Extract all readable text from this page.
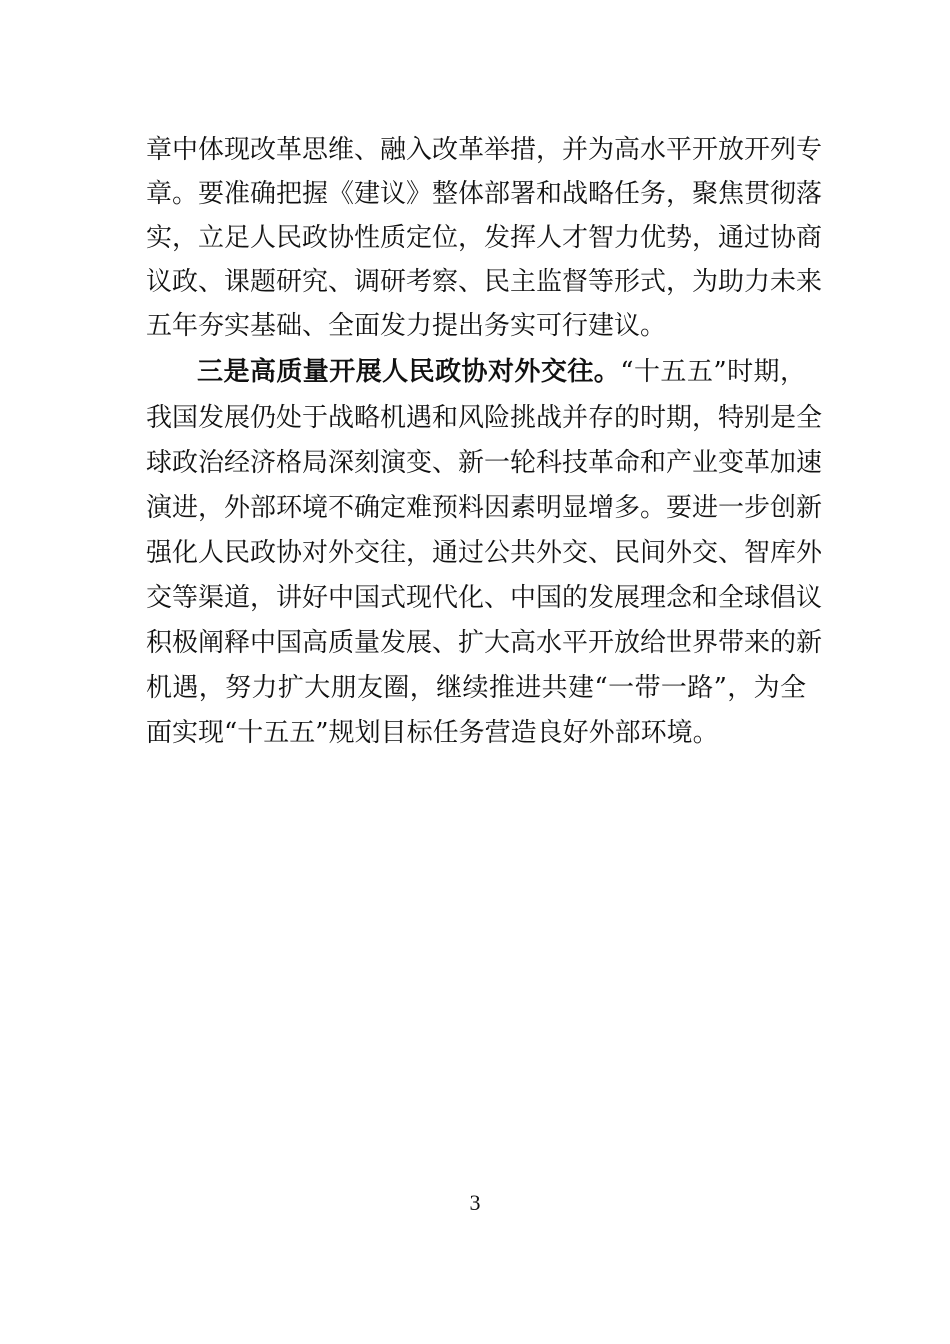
章中体现改革思维、融入改革举措，并为高水平开放开列专
章。要准确把握《建议》整体部署和战略任务，聚焦贯彻落
实，立足人民政协性质定位，发挥人才智力优势，通过协商
议政、课题研究、调研考察、民主监督等形式，为助力未来
五年夯实基础、全面发力提出务实可行建议。
三是高质量开展人民政协对外交往。“十五五”时期，
我国发展仍处于战略机遇和风险挑战并存的时期，特别是全
球政治经济格局深刻演变、新一轮科技革命和产业变革加速
演进，外部环境不确定难预料因素明显增多。要进一步创新
强化人民政协对外交往，通过公共外交、民间外交、智库外
交等渠道，讲好中国式现代化、中国的发展理念和全球倡议
积极阐释中国高质量发展、扩大高水平开放给世界带来的新
机遇，努力扩大朋友圈，继续推进共建“一带一路”，为全
面实现“十五五”规划目标任务营造良好外部环境。
3
